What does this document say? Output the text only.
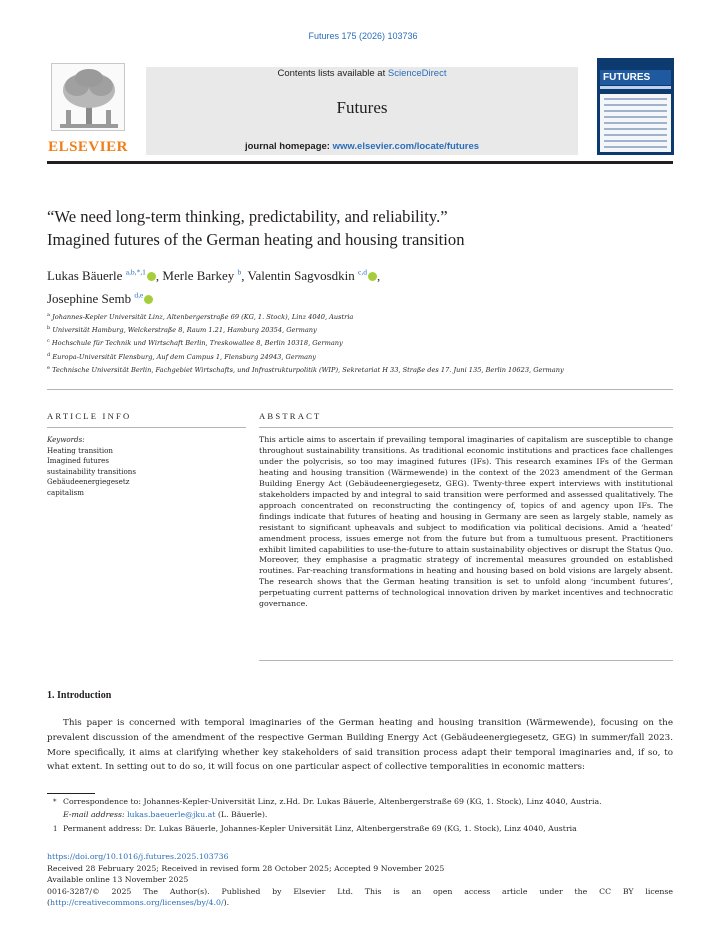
Futures 175 (2026) 103736
ELSEVIER
Contents lists available at ScienceDirect
Futures
journal homepage: www.elsevier.com/locate/futures
FUTURES
“We need long-term thinking, predictability, and reliability.”
Imagined futures of the German heating and housing transition
Lukas Bäuerle $^{a,b,*,1}$ , Merle Barkey $^b$, Valentin Sagvosdkin $^{c,d}$ ,
Josephine Semb $^{d,e}$
$^a$ Johannes-Kepler Universität Linz, Altenbergerstraße 69 (KG, 1. Stock), Linz 4040, Austria
$^b$ Universität Hamburg, Welckerstraße 8, Raum 1.21, Hamburg 20354, Germany
$^c$ Hochschule für Technik und Wirtschaft Berlin, Treskowallee 8, Berlin 10318, Germany
$^d$ Europa-Universität Flensburg, Auf dem Campus 1, Flensburg 24943, Germany
$^e$ Technische Universität Berlin, Fachgebiet Wirtschafts, und Infrastrukturpolitik (WIP), Sekretariat H 33, Straße des 17. Juni 135, Berlin 10623, Germany
ARTICLE INFO	ABSTRACT
Keywords:
Heating transition
Imagined futures
sustainability transitions
Gebäudeenergiegesetz
capitalism
This article aims to ascertain if prevailing temporal imaginaries of capitalism are susceptible to change throughout sustainability transitions. As traditional economic institutions and practices face challenges under the polycrisis, so too may imagined futures (IFs). This research examines IFs of the German heating and housing transition (Wärmewende) in the context of the 2023 amendment of the German Building Energy Act (Gebäudeenergiegesetz, GEG). Twenty-three expert interviews with institutional stakeholders impacted by and integral to said transition were performed and assessed qualitatively. The approach concentrated on reconstructing the contingency of, topics of and agency upon IFs. The findings indicate that futures of heating and housing in Germany are seen as largely stable, namely as resistant to significant upheavals and subject to modification via political decisions. Amid a ‘heated’ amendment process, issues emerge not from the future but from a tumultuous present. Practitioners exhibit limited capabilities to use-the-future to attain sustainability objectives or disrupt the Status Quo. Moreover, they emphasise a pragmatic strategy of incremental measures grounded on established routines. Far-reaching transformations in heating and housing based on bold visions are largely absent. The research shows that the German heating transition is set to unfold along ‘incumbent futures’, perpetuating current patterns of technological innovation driven by market incentives and technocratic governance.
1. Introduction
This paper is concerned with temporal imaginaries of the German heating and housing transition (Wärmewende), focusing on the prevalent discussion of the amendment of the respective German Building Energy Act (Gebäudeenergiegesetz, GEG) in summer/fall 2023. More specifically, it aims at clarifying whether key stakeholders of said transition process adapt their temporal imaginaries and, if so, to what extent. In setting out to do so, it will focus on one particular aspect of collective temporalities in economic matters:
* Correspondence to: Johannes-Kepler-Universität Linz, z.Hd. Dr. Lukas Bäuerle, Altenbergerstraße 69 (KG, 1. Stock), Linz 4040, Austria.
E-mail address: lukas.baeuerle@jku.at (L. Bäuerle).
1 Permanent address: Dr. Lukas Bäuerle, Johannes-Kepler Universität Linz, Altenbergerstraße 69 (KG, 1. Stock), Linz 4040, Austria
https://doi.org/10.1016/j.futures.2025.103736
Received 28 February 2025; Received in revised form 28 October 2025; Accepted 9 November 2025
Available online 13 November 2025
0016-3287/© 2025 The Author(s). Published by Elsevier Ltd. This is an open access article under the CC BY license (http://creativecommons.org/licenses/by/4.0/).
